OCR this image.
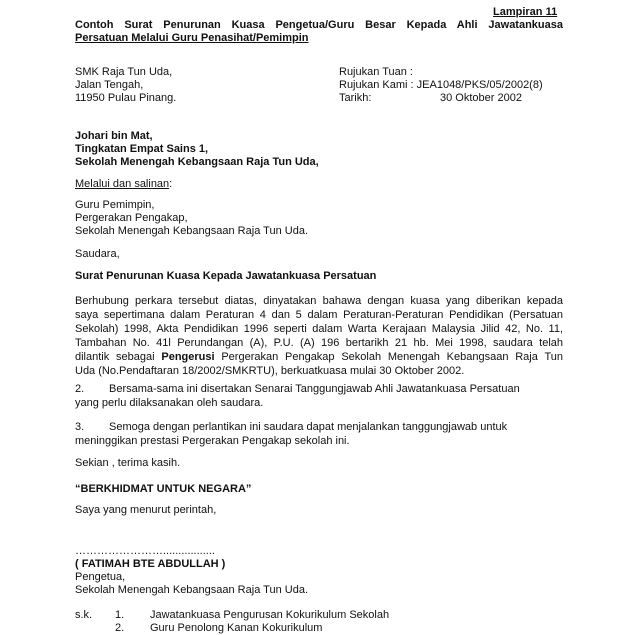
Lampiran 11
Contoh Surat Penurunan Kuasa Pengetua/Guru Besar Kepada Ahli Jawatankuasa
Persatuan Melalui Guru Penasihat/Pemimpin
SMK Raja Tun Uda,
Jalan Tengah,
11950 Pulau Pinang.
Rujukan Tuan :
Rujukan Kami : JEA1048/PKS/05/2002(8)
Tarikh:	30 Oktober 2002
Johari bin Mat,
Tingkatan Empat Sains 1,
Sekolah Menengah Kebangsaan Raja Tun Uda,
Melalui dan salinan:
Guru Pemimpin,
Pergerakan Pengakap,
Sekolah Menengah Kebangsaan Raja Tun Uda.
Saudara,
Surat Penurunan Kuasa Kepada Jawatankuasa Persatuan
Berhubung perkara tersebut diatas, dinyatakan bahawa dengan kuasa yang diberikan kepada
saya sepertimana dalam Peraturan 4 dan 5 dalam Peraturan-Peraturan Pendidikan (Persatuan
Sekolah) 1998, Akta Pendidikan 1996 seperti dalam Warta Kerajaan Malaysia Jilid 42, No. 11,
Tambahan No. 41l Perundangan (A), P.U. (A) 196 bertarikh 21 hb. Mei 1998, saudara telah
dilantik sebagai Pengerusi Pergerakan Pengakap Sekolah Menengah Kebangsaan Raja Tun
Uda (No.Pendaftaran 18/2002/SMKRTU), berkuatkuasa mulai 30 Oktober 2002.
2. Bersama-sama ini disertakan Senarai Tanggungjawab Ahli Jawatankuasa Persatuan
yang perlu dilaksanakan oleh saudara.
3. Semoga dengan perlantikan ini saudara dapat menjalankan tanggungjawab untuk
meninggikan prestasi Pergerakan Pengakap sekolah ini.
Sekian , terima kasih.
“BERKHIDMAT UNTUK NEGARA”
Saya yang menurut perintah,
…………………….................
( FATIMAH BTE ABDULLAH )
Pengetua,
Sekolah Menengah Kebangsaan Raja Tun Uda.
s.k. 1. Jawatankuasa Pengurusan Kokurikulum Sekolah
2. Guru Penolong Kanan Kokurikulum
